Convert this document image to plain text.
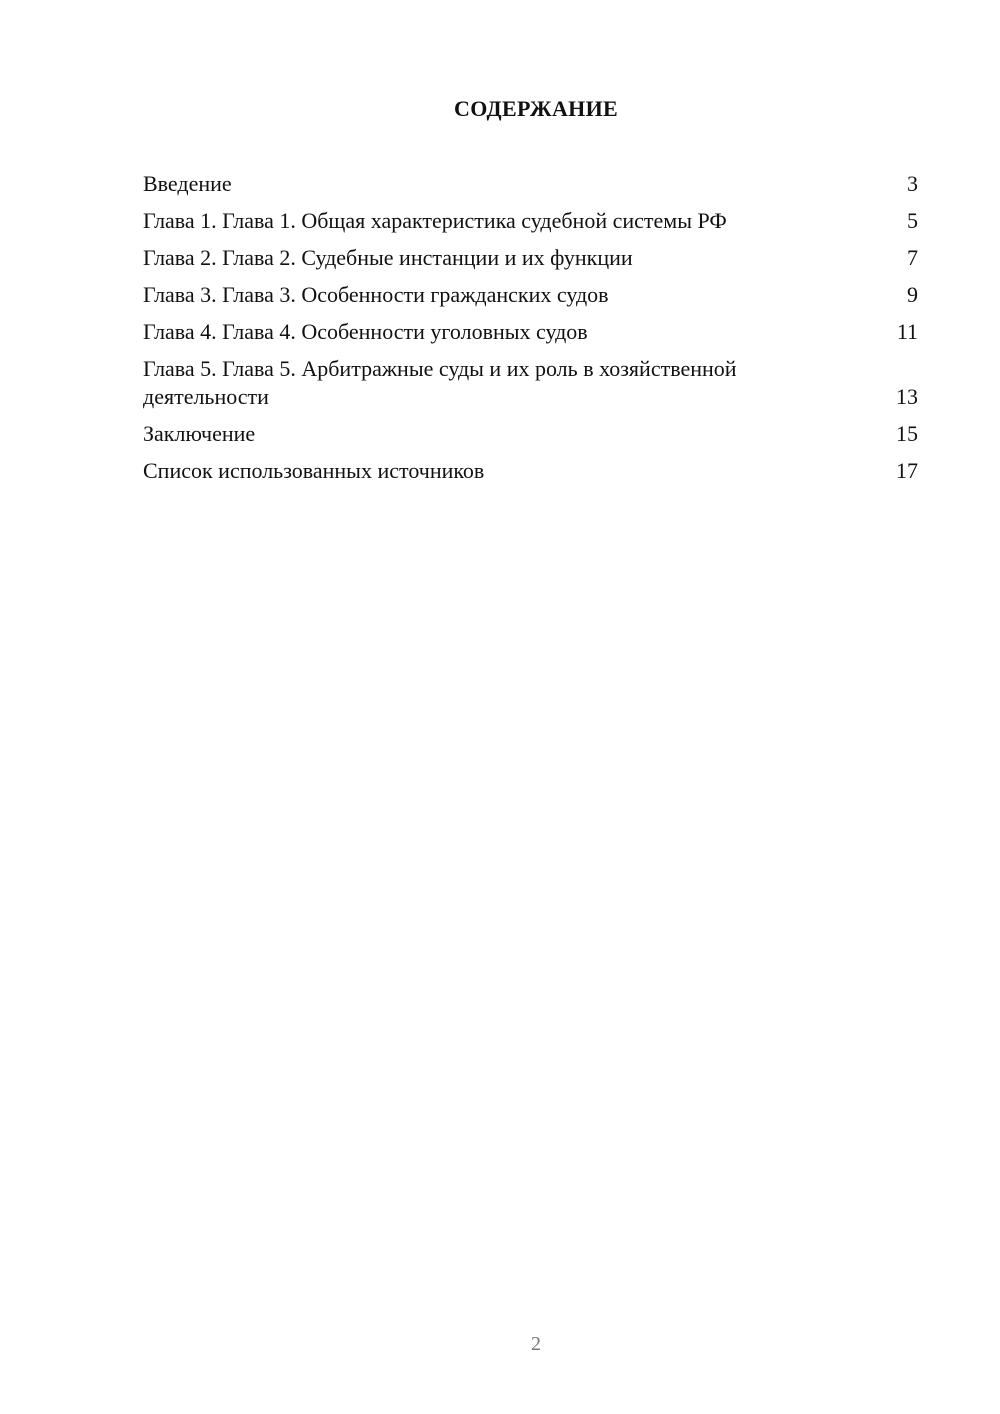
СОДЕРЖАНИЕ
Введение	3
Глава 1. Глава 1. Общая характеристика судебной системы РФ	5
Глава 2. Глава 2. Судебные инстанции и их функции	7
Глава 3. Глава 3. Особенности гражданских судов	9
Глава 4. Глава 4. Особенности уголовных судов	11
Глава 5. Глава 5. Арбитражные суды и их роль в хозяйственной деятельности	13
Заключение	15
Список использованных источников	17
2
